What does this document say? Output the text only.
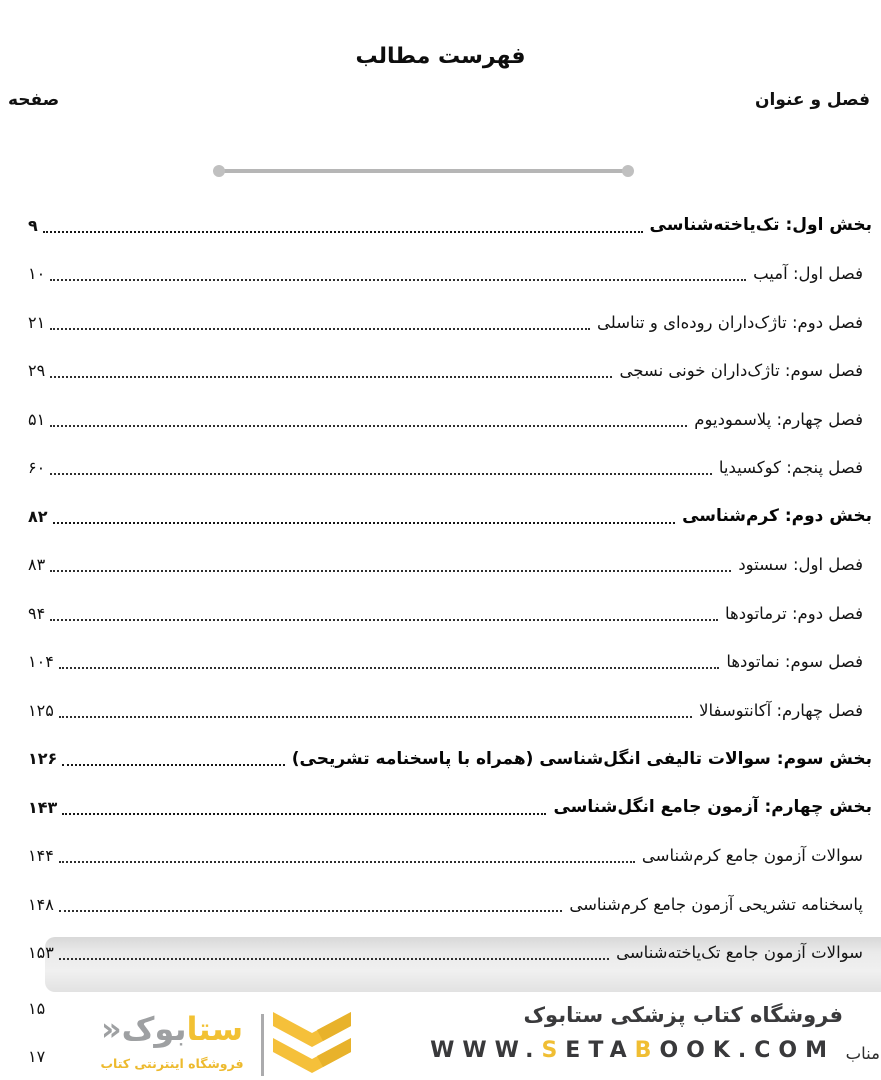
فهرست مطالب
فصل و عنوان
صفحه
بخش اول: تک‌یاخته‌شناسی
۹
فصل اول: آمیب
۱۰
فصل دوم: تاژک‌داران روده‌ای و تناسلی
۲۱
فصل سوم: تاژک‌داران خونی نسجی
۲۹
فصل چهارم: پلاسمودیوم
۵۱
فصل پنجم: کوکسیدیا
۶۰
بخش دوم: کرم‌شناسی
۸۲
فصل اول: سستود
۸۳
فصل دوم: ترماتودها
۹۴
فصل سوم: نماتودها
۱۰۴
فصل چهارم: آکانتوسفالا
۱۲۵
بخش سوم: سوالات تالیفی انگل‌شناسی (همراه با پاسخنامه تشریحی)
۱۲۶
بخش چهارم: آزمون جامع انگل‌شناسی
۱۴۳
سوالات آزمون جامع کرم‌شناسی
۱۴۴
پاسخنامه تشریحی آزمون جامع کرم‌شناسی
۱۴۸
سوالات آزمون جامع تک‌یاخته‌شناسی
۱۵۳
۱۵
۱۷	مناب
فروشگاه کتاب پزشکی ستابوک
WWW.SETABOOK.COM
ستابوک«
فروشگاه اینترنتی کتاب
